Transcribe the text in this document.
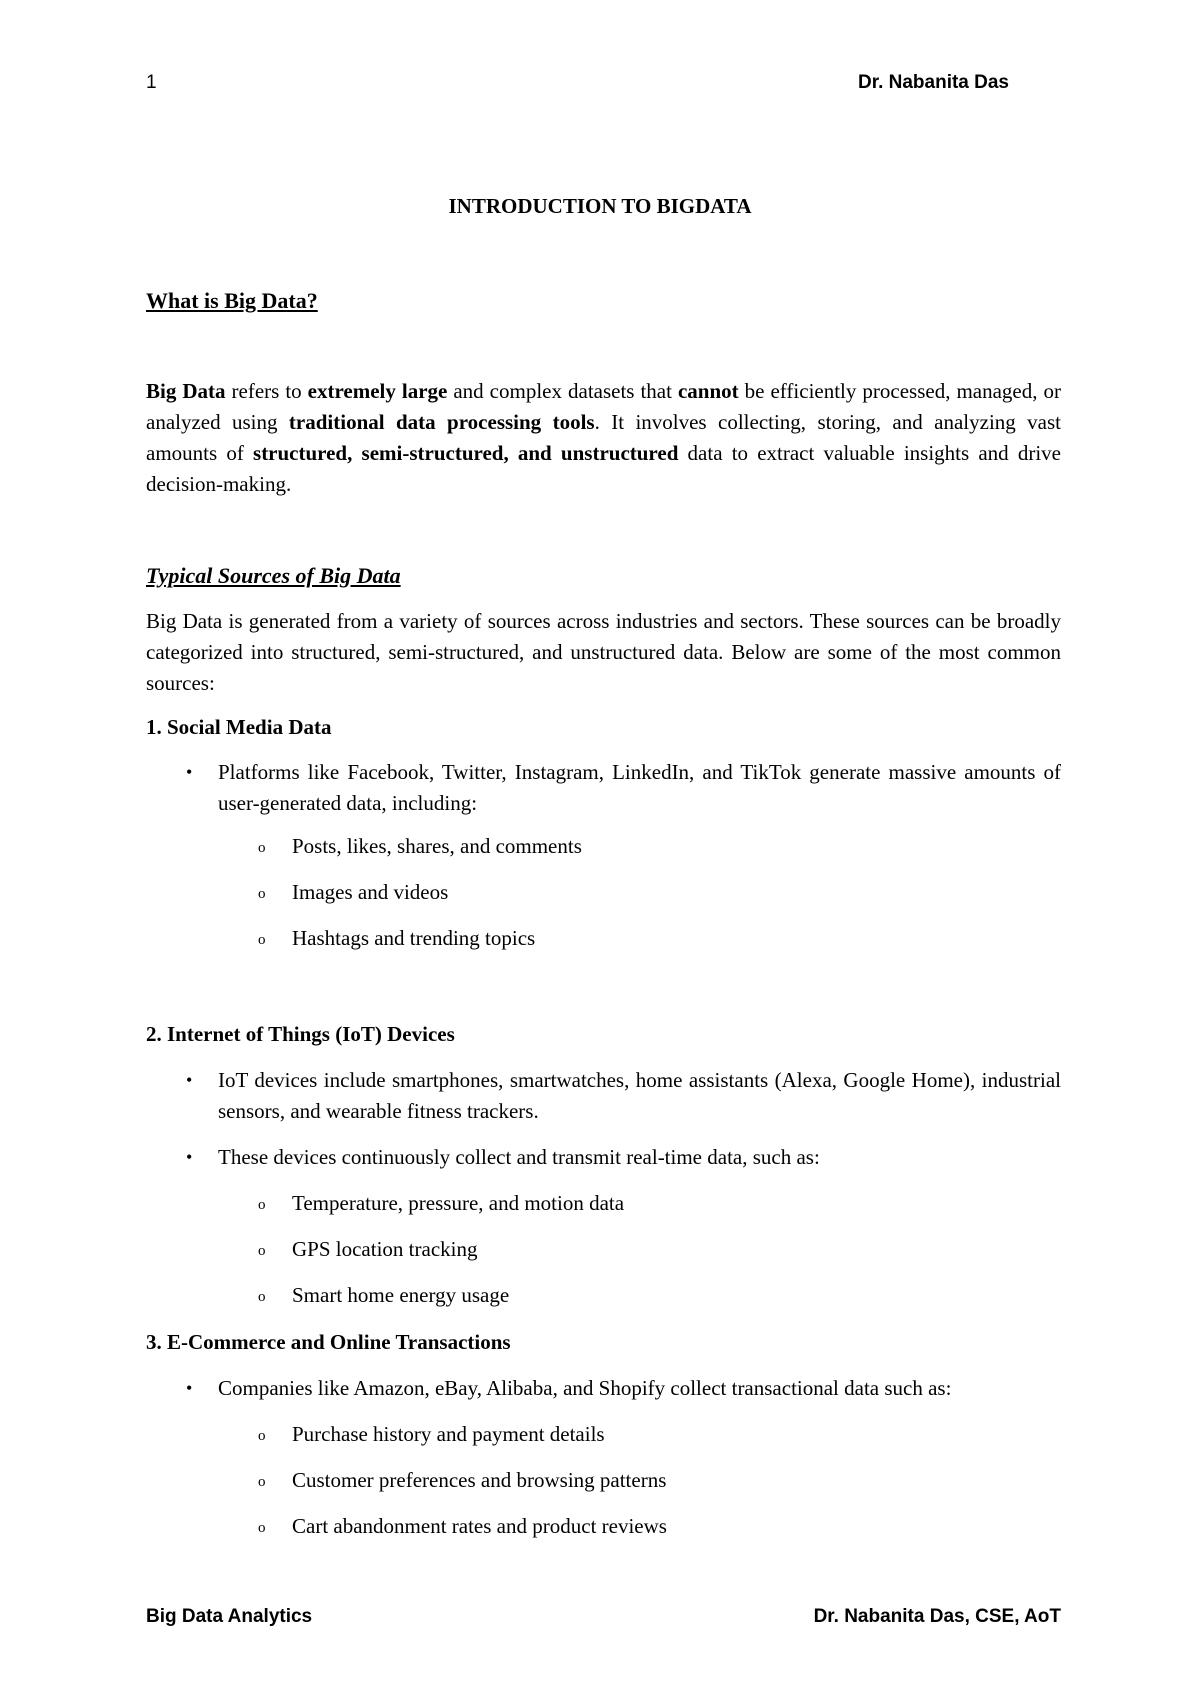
1	Dr. Nabanita Das
INTRODUCTION TO BIGDATA
What is Big Data?
Big Data refers to extremely large and complex datasets that cannot be efficiently processed, managed, or analyzed using traditional data processing tools. It involves collecting, storing, and analyzing vast amounts of structured, semi-structured, and unstructured data to extract valuable insights and drive decision-making.
Typical Sources of Big Data
Big Data is generated from a variety of sources across industries and sectors. These sources can be broadly categorized into structured, semi-structured, and unstructured data. Below are some of the most common sources:
1. Social Media Data
• Platforms like Facebook, Twitter, Instagram, LinkedIn, and TikTok generate massive amounts of user-generated data, including:
o Posts, likes, shares, and comments
o Images and videos
o Hashtags and trending topics
2. Internet of Things (IoT) Devices
• IoT devices include smartphones, smartwatches, home assistants (Alexa, Google Home), industrial sensors, and wearable fitness trackers.
• These devices continuously collect and transmit real-time data, such as:
o Temperature, pressure, and motion data
o GPS location tracking
o Smart home energy usage
3. E-Commerce and Online Transactions
• Companies like Amazon, eBay, Alibaba, and Shopify collect transactional data such as:
o Purchase history and payment details
o Customer preferences and browsing patterns
o Cart abandonment rates and product reviews
Big Data Analytics	Dr. Nabanita Das, CSE, AoT
